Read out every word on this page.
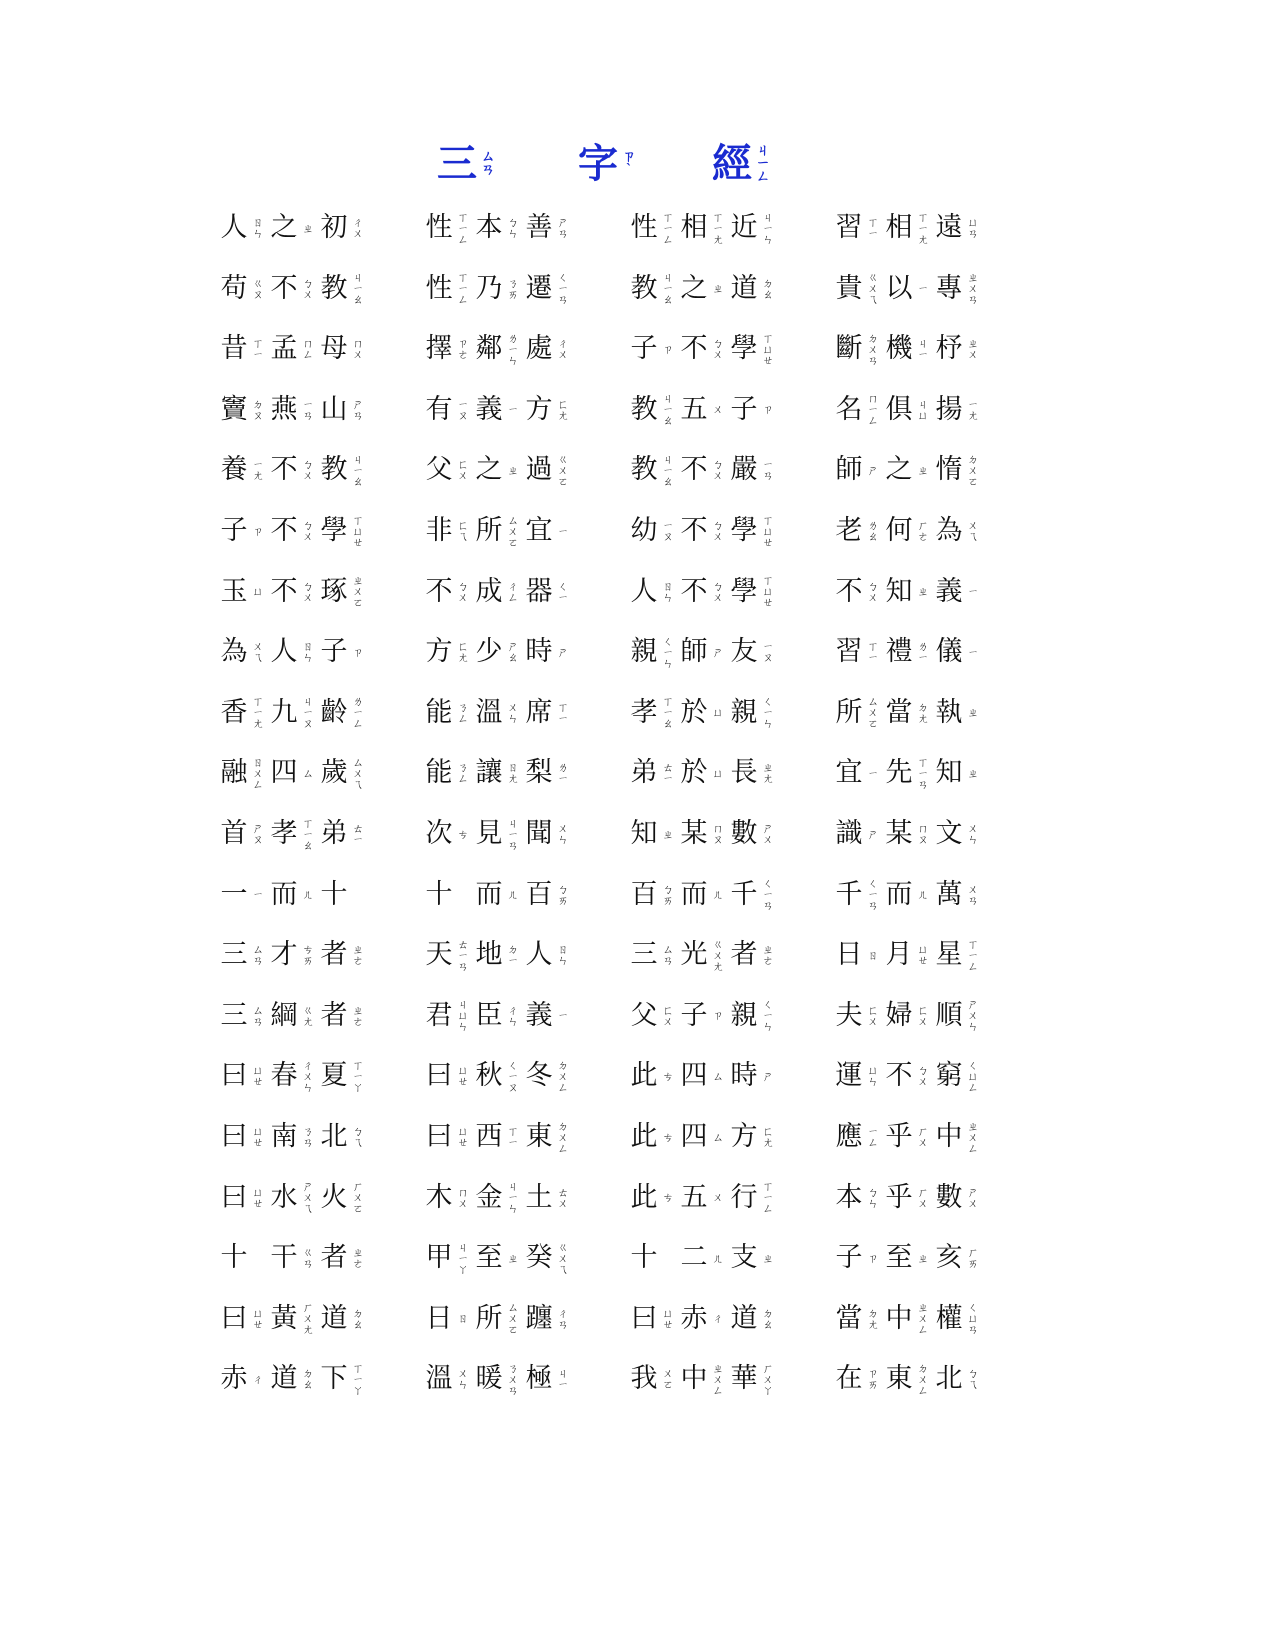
三 ㄙ
ㄢ 字 ㄗ
ˋ 經 ㄐ
ㄧ
ㄥ
人 ㄖ
ㄣ 之 ㄓ 初 ㄔ
ㄨ 性 ㄒ
ㄧ
ㄥ 本 ㄅ
ㄣ 善 ㄕ
ㄢ 性 ㄒ
ㄧ
ㄥ 相 ㄒ
ㄧ
ㄤ 近 ㄐ
ㄧ
ㄣ 習 ㄒ
ㄧ 相 ㄒ
ㄧ
ㄤ 遠 ㄩ
ㄢ
苟 ㄍ
ㄡ 不 ㄅ
ㄨ 教 ㄐ
ㄧ
ㄠ 性 ㄒ
ㄧ
ㄥ 乃 ㄋ
ㄞ 遷 ㄑ
ㄧ
ㄢ 教 ㄐ
ㄧ
ㄠ 之 ㄓ 道 ㄉ
ㄠ 貴 ㄍ
ㄨ
ㄟ 以 ㄧ 專 ㄓ
ㄨ
ㄢ
昔 ㄒ
ㄧ 孟 ㄇ
ㄥ 母 ㄇ
ㄨ 擇 ㄗ
ㄜ 鄰 ㄌ
ㄧ
ㄣ 處 ㄔ
ㄨ 子 ㄗ 不 ㄅ
ㄨ 學 ㄒ
ㄩ
ㄝ 斷 ㄉ
ㄨ
ㄢ 機 ㄐ
ㄧ 杼 ㄓ
ㄨ
竇 ㄉ
ㄡ 燕 ㄧ
ㄢ 山 ㄕ
ㄢ 有 ㄧ
ㄡ 義 ㄧ 方 ㄈ
ㄤ 教 ㄐ
ㄧ
ㄠ 五 ㄨ 子 ㄗ 名 ㄇ
ㄧ
ㄥ 俱 ㄐ
ㄩ 揚 ㄧ
ㄤ
養 ㄧ
ㄤ 不 ㄅ
ㄨ 教 ㄐ
ㄧ
ㄠ 父 ㄈ
ㄨ 之 ㄓ 過 ㄍ
ㄨ
ㄛ 教 ㄐ
ㄧ
ㄠ 不 ㄅ
ㄨ 嚴 ㄧ
ㄢ 師 ㄕ 之 ㄓ 惰 ㄉ
ㄨ
ㄛ
子 ㄗ 不 ㄅ
ㄨ 學 ㄒ
ㄩ
ㄝ 非 ㄈ
ㄟ 所 ㄙ
ㄨ
ㄛ 宜 ㄧ 幼 ㄧ
ㄡ 不 ㄅ
ㄨ 學 ㄒ
ㄩ
ㄝ 老 ㄌ
ㄠ 何 ㄏ
ㄜ 為 ㄨ
ㄟ
玉 ㄩ 不 ㄅ
ㄨ 琢 ㄓ
ㄨ
ㄛ 不 ㄅ
ㄨ 成 ㄔ
ㄥ 器 ㄑ
ㄧ 人 ㄖ
ㄣ 不 ㄅ
ㄨ 學 ㄒ
ㄩ
ㄝ 不 ㄅ
ㄨ 知 ㄓ 義 ㄧ
為 ㄨ
ㄟ 人 ㄖ
ㄣ 子 ㄗ 方 ㄈ
ㄤ 少 ㄕ
ㄠ 時 ㄕ 親 ㄑ
ㄧ
ㄣ 師 ㄕ 友 ㄧ
ㄡ 習 ㄒ
ㄧ 禮 ㄌ
ㄧ 儀 ㄧ
香 ㄒ
ㄧ
ㄤ 九 ㄐ
ㄧ
ㄡ 齡 ㄌ
ㄧ
ㄥ 能 ㄋ
ㄥ 溫 ㄨ
ㄣ 席 ㄒ
ㄧ 孝 ㄒ
ㄧ
ㄠ 於 ㄩ 親 ㄑ
ㄧ
ㄣ 所 ㄙ
ㄨ
ㄛ 當 ㄉ
ㄤ 執 ㄓ
融 ㄖ
ㄨ
ㄥ 四 ㄙ 歲 ㄙ
ㄨ
ㄟ 能 ㄋ
ㄥ 讓 ㄖ
ㄤ 梨 ㄌ
ㄧ 弟 ㄊ
ㄧ 於 ㄩ 長 ㄓ
ㄤ 宜 ㄧ 先 ㄒ
ㄧ
ㄢ 知 ㄓ
首 ㄕ
ㄡ 孝 ㄒ
ㄧ
ㄠ 弟 ㄊ
ㄧ 次 ㄘ 見 ㄐ
ㄧ
ㄢ 聞 ㄨ
ㄣ 知 ㄓ 某 ㄇ
ㄡ 數 ㄕ
ㄨ 識 ㄕ 某 ㄇ
ㄡ 文 ㄨ
ㄣ
一 ㄧ 而 ㄦ 十	十 而 ㄦ 百 ㄅ
ㄞ 百 ㄅ
ㄞ 而 ㄦ 千 ㄑ
ㄧ
ㄢ 千 ㄑ
ㄧ
ㄢ 而 ㄦ 萬 ㄨ
ㄢ
三 ㄙ
ㄢ 才 ㄘ
ㄞ 者 ㄓ
ㄜ 天 ㄊ
ㄧ
ㄢ 地 ㄉ
ㄧ 人 ㄖ
ㄣ 三 ㄙ
ㄢ 光 ㄍ
ㄨ
ㄤ 者 ㄓ
ㄜ 日 ㄖ 月 ㄩ
ㄝ 星 ㄒ
ㄧ
ㄥ
三 ㄙ
ㄢ 綱 ㄍ
ㄤ 者 ㄓ
ㄜ 君 ㄐ
ㄩ
ㄣ 臣 ㄔ
ㄣ 義 ㄧ 父 ㄈ
ㄨ 子 ㄗ 親 ㄑ
ㄧ
ㄣ 夫 ㄈ
ㄨ 婦 ㄈ
ㄨ 順 ㄕ
ㄨ
ㄣ
曰 ㄩ
ㄝ 春 ㄔ
ㄨ
ㄣ 夏 ㄒ
ㄧ
ㄚ 曰 ㄩ
ㄝ 秋 ㄑ
ㄧ
ㄡ 冬 ㄉ
ㄨ
ㄥ 此 ㄘ 四 ㄙ 時 ㄕ 運 ㄩ
ㄣ 不 ㄅ
ㄨ 窮 ㄑ
ㄩ
ㄥ
曰 ㄩ
ㄝ 南 ㄋ
ㄢ 北 ㄅ
ㄟ 曰 ㄩ
ㄝ 西 ㄒ
ㄧ 東 ㄉ
ㄨ
ㄥ 此 ㄘ 四 ㄙ 方 ㄈ
ㄤ 應 ㄧ
ㄥ 乎 ㄏ
ㄨ 中 ㄓ
ㄨ
ㄥ
曰 ㄩ
ㄝ 水 ㄕ
ㄨ
ㄟ 火 ㄏ
ㄨ
ㄛ 木 ㄇ
ㄨ 金 ㄐ
ㄧ
ㄣ 土 ㄊ
ㄨ 此 ㄘ 五 ㄨ 行 ㄒ
ㄧ
ㄥ 本 ㄅ
ㄣ 乎 ㄏ
ㄨ 數 ㄕ
ㄨ
十 干 ㄍ
ㄢ 者 ㄓ
ㄜ 甲 ㄐ
ㄧ
ㄚ 至 ㄓ 癸 ㄍ
ㄨ
ㄟ 十 二 ㄦ 支 ㄓ 子 ㄗ 至 ㄓ 亥 ㄏ
ㄞ
曰 ㄩ
ㄝ 黃 ㄏ
ㄨ
ㄤ 道 ㄉ
ㄠ 日 ㄖ 所 ㄙ
ㄨ
ㄛ 躔 ㄔ
ㄢ 曰 ㄩ
ㄝ 赤 ㄔ 道 ㄉ
ㄠ 當 ㄉ
ㄤ 中 ㄓ
ㄨ
ㄥ 權 ㄑ
ㄩ
ㄢ
赤 ㄔ 道 ㄉ
ㄠ 下 ㄒ
ㄧ
ㄚ 溫 ㄨ
ㄣ 暖 ㄋ
ㄨ
ㄢ 極 ㄐ
ㄧ 我 ㄨ
ㄛ 中 ㄓ
ㄨ
ㄥ 華 ㄏ
ㄨ
ㄚ 在 ㄗ
ㄞ 東 ㄉ
ㄨ
ㄥ 北 ㄅ
ㄟ
